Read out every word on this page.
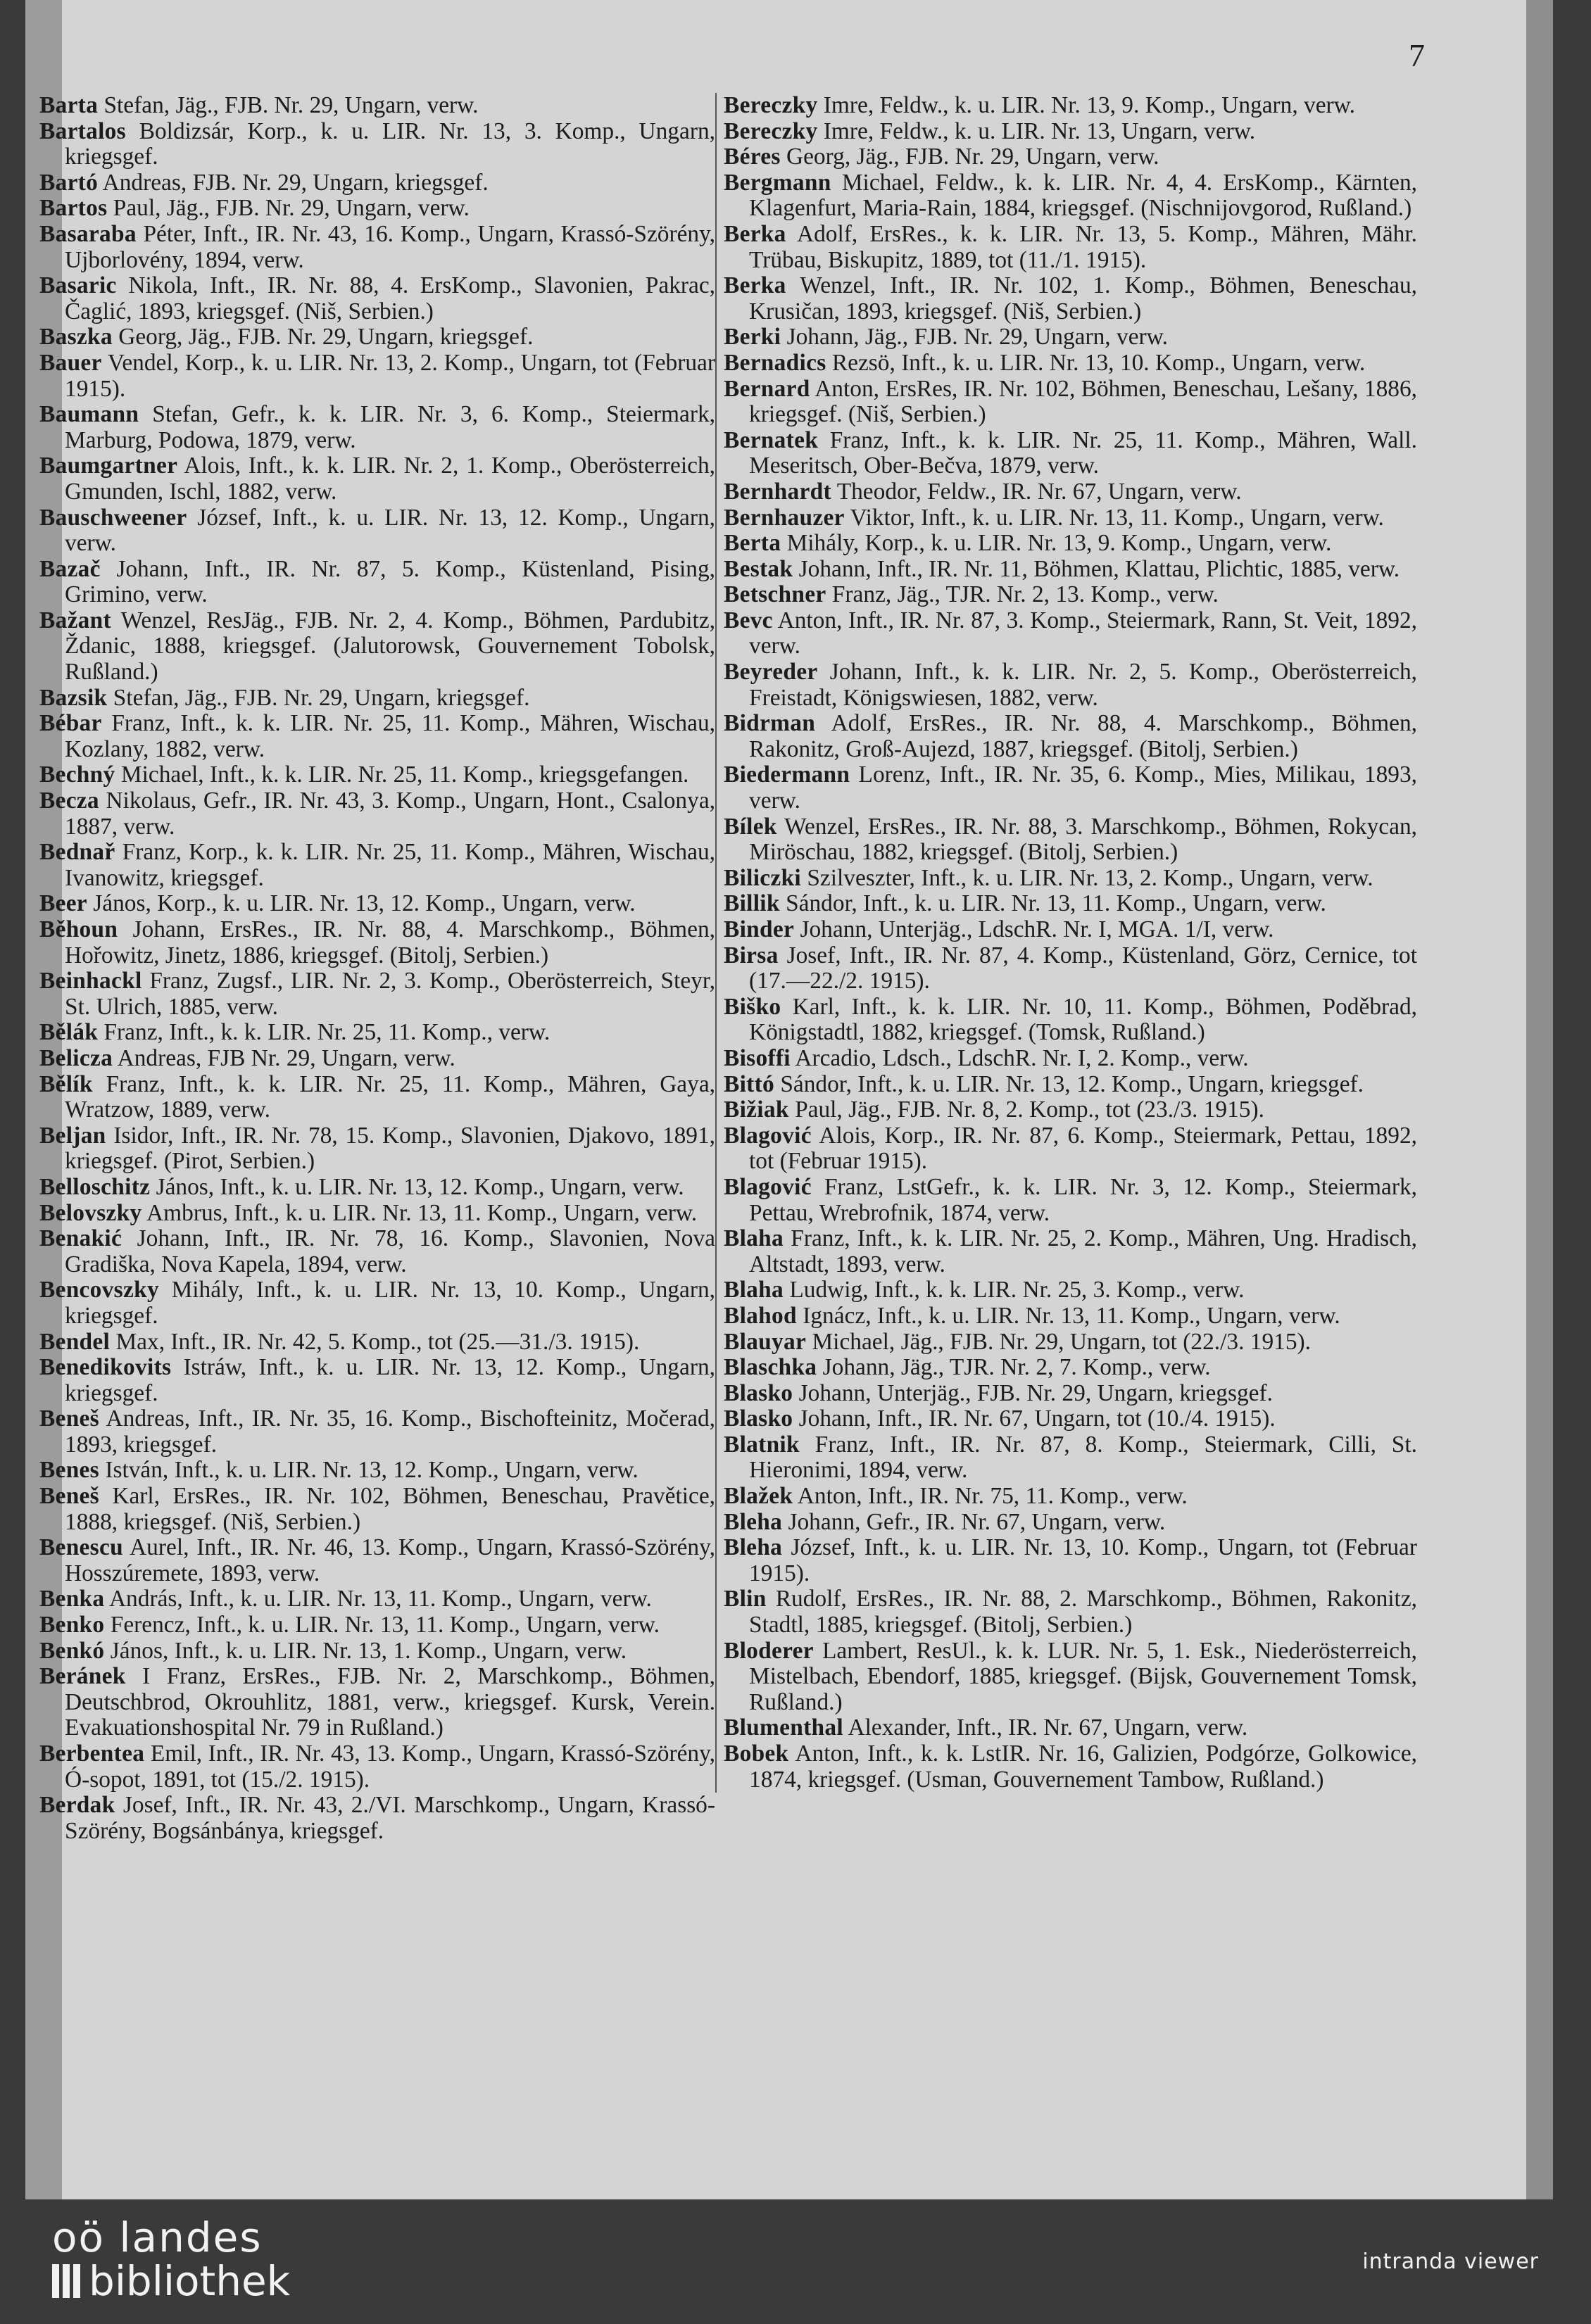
7

Barta Stefan, Jäg., FJB. Nr. 29, Ungarn, verw.

Bartalos Boldizsár, Korp., k. u. LIR. Nr. 13, 3. Komp., Ungarn, kriegsgef.

Bartó Andreas, FJB. Nr. 29, Ungarn, kriegsgef.

Bartos Paul, Jäg., FJB. Nr. 29, Ungarn, verw.

Basaraba Péter, Inft., IR. Nr. 43, 16. Komp., Ungarn, Krassó-Szörény, Ujborlovény, 1894, verw.

Basaric Nikola, Inft., IR. Nr. 88, 4. ErsKomp., Slavonien, Pakrac, Čaglić, 1893, kriegsgef. (Niš, Serbien.)

Baszka Georg, Jäg., FJB. Nr. 29, Ungarn, kriegsgef.

Bauer Vendel, Korp., k. u. LIR. Nr. 13, 2. Komp., Ungarn, tot (Februar 1915).

Baumann Stefan, Gefr., k. k. LIR. Nr. 3, 6. Komp., Steiermark, Marburg, Podowa, 1879, verw.

Baumgartner Alois, Inft., k. k. LIR. Nr. 2, 1. Komp., Oberösterreich, Gmunden, Ischl, 1882, verw.

Bauschweener József, Inft., k. u. LIR. Nr. 13, 12. Komp., Ungarn, verw.

Bazač Johann, Inft., IR. Nr. 87, 5. Komp., Küstenland, Pising, Grimino, verw.

Bažant Wenzel, ResJäg., FJB. Nr. 2, 4. Komp., Böhmen, Pardubitz, Ždanic, 1888, kriegsgef. (Jalutorowsk, Gouvernement Tobolsk, Rußland.)

Bazsik Stefan, Jäg., FJB. Nr. 29, Ungarn, kriegsgef.

Bébar Franz, Inft., k. k. LIR. Nr. 25, 11. Komp., Mähren, Wischau, Kozlany, 1882, verw.

Bechný Michael, Inft., k. k. LIR. Nr. 25, 11. Komp., kriegsgefangen.

Becza Nikolaus, Gefr., IR. Nr. 43, 3. Komp., Ungarn, Hont., Csalonya, 1887, verw.

Bednař Franz, Korp., k. k. LIR. Nr. 25, 11. Komp., Mähren, Wischau, Ivanowitz, kriegsgef.

Beer János, Korp., k. u. LIR. Nr. 13, 12. Komp., Ungarn, verw.

Běhoun Johann, ErsRes., IR. Nr. 88, 4. Marschkomp., Böhmen, Hořowitz, Jinetz, 1886, kriegsgef. (Bitolj, Serbien.)

Beinhackl Franz, Zugsf., LIR. Nr. 2, 3. Komp., Oberösterreich, Steyr, St. Ulrich, 1885, verw.

Bělák Franz, Inft., k. k. LIR. Nr. 25, 11. Komp., verw.

Belicza Andreas, FJB Nr. 29, Ungarn, verw.

Bělík Franz, Inft., k. k. LIR. Nr. 25, 11. Komp., Mähren, Gaya, Wratzow, 1889, verw.

Beljan Isidor, Inft., IR. Nr. 78, 15. Komp., Slavonien, Djakovo, 1891, kriegsgef. (Pirot, Serbien.)

Belloschitz János, Inft., k. u. LIR. Nr. 13, 12. Komp., Ungarn, verw.

Belovszky Ambrus, Inft., k. u. LIR. Nr. 13, 11. Komp., Ungarn, verw.

Benakić Johann, Inft., IR. Nr. 78, 16. Komp., Slavonien, Nova Gradiška, Nova Kapela, 1894, verw.

Bencovszky Mihály, Inft., k. u. LIR. Nr. 13, 10. Komp., Ungarn, kriegsgef.

Bendel Max, Inft., IR. Nr. 42, 5. Komp., tot (25.—31./3. 1915).

Benedikovits Istráw, Inft., k. u. LIR. Nr. 13, 12. Komp., Ungarn, kriegsgef.

Beneš Andreas, Inft., IR. Nr. 35, 16. Komp., Bischofteinitz, Močerad, 1893, kriegsgef.

Benes István, Inft., k. u. LIR. Nr. 13, 12. Komp., Ungarn, verw.

Beneš Karl, ErsRes., IR. Nr. 102, Böhmen, Beneschau, Pravětice, 1888, kriegsgef. (Niš, Serbien.)

Benescu Aurel, Inft., IR. Nr. 46, 13. Komp., Ungarn, Krassó-Szörény, Hosszúremete, 1893, verw.

Benka András, Inft., k. u. LIR. Nr. 13, 11. Komp., Ungarn, verw.

Benko Ferencz, Inft., k. u. LIR. Nr. 13, 11. Komp., Ungarn, verw.

Benkó János, Inft., k. u. LIR. Nr. 13, 1. Komp., Ungarn, verw.

Beránek I Franz, ErsRes., FJB. Nr. 2, Marschkomp., Böhmen, Deutschbrod, Okrouhlitz, 1881, verw., kriegsgef. Kursk, Verein. Evakuationshospital Nr. 79 in Rußland.)

Berbentea Emil, Inft., IR. Nr. 43, 13. Komp., Ungarn, Krassó-Szörény, Ó-sopot, 1891, tot (15./2. 1915).

Berdak Josef, Inft., IR. Nr. 43, 2./VI. Marschkomp., Ungarn, Krassó-Szörény, Bogsánbánya, kriegsgef.

Bereczky Imre, Feldw., k. u. LIR. Nr. 13, 9. Komp., Ungarn, verw.

Bereczky Imre, Feldw., k. u. LIR. Nr. 13, Ungarn, verw.

Béres Georg, Jäg., FJB. Nr. 29, Ungarn, verw.

Bergmann Michael, Feldw., k. k. LIR. Nr. 4, 4. ErsKomp., Kärnten, Klagenfurt, Maria-Rain, 1884, kriegsgef. (Nischnijovgorod, Rußland.)

Berka Adolf, ErsRes., k. k. LIR. Nr. 13, 5. Komp., Mähren, Mähr. Trübau, Biskupitz, 1889, tot (11./1. 1915).

Berka Wenzel, Inft., IR. Nr. 102, 1. Komp., Böhmen, Beneschau, Krusičan, 1893, kriegsgef. (Niš, Serbien.)

Berki Johann, Jäg., FJB. Nr. 29, Ungarn, verw.

Bernadics Rezsö, Inft., k. u. LIR. Nr. 13, 10. Komp., Ungarn, verw.

Bernard Anton, ErsRes, IR. Nr. 102, Böhmen, Beneschau, Lešany, 1886, kriegsgef. (Niš, Serbien.)

Bernatek Franz, Inft., k. k. LIR. Nr. 25, 11. Komp., Mähren, Wall. Meseritsch, Ober-Bečva, 1879, verw.

Bernhardt Theodor, Feldw., IR. Nr. 67, Ungarn, verw.

Bernhauzer Viktor, Inft., k. u. LIR. Nr. 13, 11. Komp., Ungarn, verw.

Berta Mihály, Korp., k. u. LIR. Nr. 13, 9. Komp., Ungarn, verw.

Bestak Johann, Inft., IR. Nr. 11, Böhmen, Klattau, Plichtic, 1885, verw.

Betschner Franz, Jäg., TJR. Nr. 2, 13. Komp., verw.

Bevc Anton, Inft., IR. Nr. 87, 3. Komp., Steiermark, Rann, St. Veit, 1892, verw.

Beyreder Johann, Inft., k. k. LIR. Nr. 2, 5. Komp., Oberösterreich, Freistadt, Königswiesen, 1882, verw.

Bidrman Adolf, ErsRes., IR. Nr. 88, 4. Marschkomp., Böhmen, Rakonitz, Groß-Aujezd, 1887, kriegsgef. (Bitolj, Serbien.)

Biedermann Lorenz, Inft., IR. Nr. 35, 6. Komp., Mies, Milikau, 1893, verw.

Bílek Wenzel, ErsRes., IR. Nr. 88, 3. Marschkomp., Böhmen, Rokycan, Miröschau, 1882, kriegsgef. (Bitolj, Serbien.)

Biliczki Szilveszter, Inft., k. u. LIR. Nr. 13, 2. Komp., Ungarn, verw.

Billik Sándor, Inft., k. u. LIR. Nr. 13, 11. Komp., Ungarn, verw.

Binder Johann, Unterjäg., LdschR. Nr. I, MGA. 1/I, verw.

Birsa Josef, Inft., IR. Nr. 87, 4. Komp., Küstenland, Görz, Cernice, tot (17.—22./2. 1915).

Biško Karl, Inft., k. k. LIR. Nr. 10, 11. Komp., Böhmen, Poděbrad, Königstadtl, 1882, kriegsgef. (Tomsk, Rußland.)

Bisoffi Arcadio, Ldsch., LdschR. Nr. I, 2. Komp., verw.

Bittó Sándor, Inft., k. u. LIR. Nr. 13, 12. Komp., Ungarn, kriegsgef.

Bižiak Paul, Jäg., FJB. Nr. 8, 2. Komp., tot (23./3. 1915).

Blagović Alois, Korp., IR. Nr. 87, 6. Komp., Steiermark, Pettau, 1892, tot (Februar 1915).

Blagović Franz, LstGefr., k. k. LIR. Nr. 3, 12. Komp., Steiermark, Pettau, Wrebrofnik, 1874, verw.

Blaha Franz, Inft., k. k. LIR. Nr. 25, 2. Komp., Mähren, Ung. Hradisch, Altstadt, 1893, verw.

Blaha Ludwig, Inft., k. k. LIR. Nr. 25, 3. Komp., verw.

Blahod Ignácz, Inft., k. u. LIR. Nr. 13, 11. Komp., Ungarn, verw.

Blauyar Michael, Jäg., FJB. Nr. 29, Ungarn, tot (22./3. 1915).

Blaschka Johann, Jäg., TJR. Nr. 2, 7. Komp., verw.

Blasko Johann, Unterjäg., FJB. Nr. 29, Ungarn, kriegsgef.

Blasko Johann, Inft., IR. Nr. 67, Ungarn, tot (10./4. 1915).

Blatnik Franz, Inft., IR. Nr. 87, 8. Komp., Steiermark, Cilli, St. Hieronimi, 1894, verw.

Blažek Anton, Inft., IR. Nr. 75, 11. Komp., verw.

Bleha Johann, Gefr., IR. Nr. 67, Ungarn, verw.

Bleha József, Inft., k. u. LIR. Nr. 13, 10. Komp., Ungarn, tot (Februar 1915).

Blin Rudolf, ErsRes., IR. Nr. 88, 2. Marschkomp., Böhmen, Rakonitz, Stadtl, 1885, kriegsgef. (Bitolj, Serbien.)

Bloderer Lambert, ResUl., k. k. LUR. Nr. 5, 1. Esk., Niederösterreich, Mistelbach, Ebendorf, 1885, kriegsgef. (Bijsk, Gouvernement Tomsk, Rußland.)

Blumenthal Alexander, Inft., IR. Nr. 67, Ungarn, verw.

Bobek Anton, Inft., k. k. LstIR. Nr. 16, Galizien, Podgórze, Golkowice, 1874, kriegsgef. (Usman, Gouvernement Tambow, Rußland.)

oö landes
bibliothek	intranda viewer
